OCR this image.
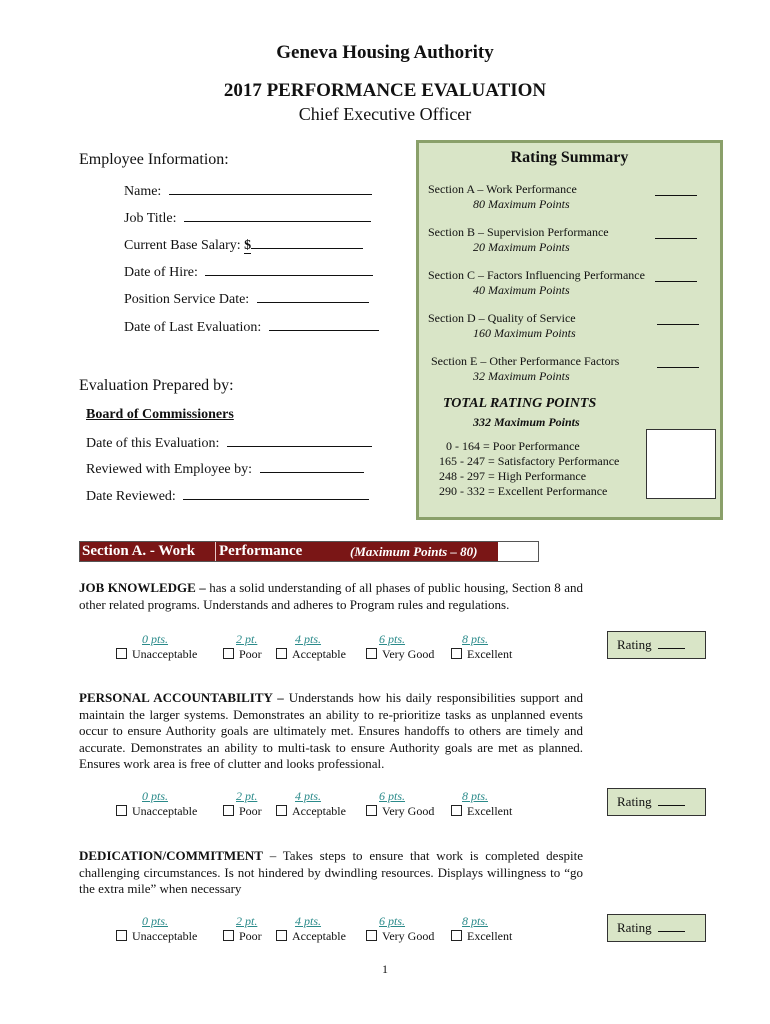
Geneva Housing Authority
2017 PERFORMANCE EVALUATION
Chief Executive Officer
Employee Information:
Name:
Job Title:
Current Base Salary: $
Date of Hire:
Position Service Date:
Date of Last Evaluation:
Evaluation Prepared by:
Board of Commissioners
Date of this Evaluation:
Reviewed with Employee by:
Date Reviewed:
Rating Summary
Section A – Work Performance
80 Maximum Points
Section B – Supervision Performance
20 Maximum Points
Section C – Factors Influencing Performance
40 Maximum Points
Section D – Quality of Service
160 Maximum Points
Section E – Other Performance Factors
32 Maximum Points
TOTAL RATING POINTS
332 Maximum Points
0 - 164 = Poor Performance
165 - 247 = Satisfactory Performance
248 - 297 = High Performance
290 - 332 = Excellent Performance
Section A. - Work Performance	(Maximum Points – 80)
JOB KNOWLEDGE – has a solid understanding of all phases of public housing, Section 8 and other related programs. Understands and adheres to Program rules and regulations.
PERSONAL ACCOUNTABILITY – Understands how his daily responsibilities support and maintain the larger systems. Demonstrates an ability to re-prioritize tasks as unplanned events occur to ensure Authority goals are ultimately met. Ensures handoffs to others are timely and accurate. Demonstrates an ability to multi-task to ensure Authority goals are met as planned. Ensures work area is free of clutter and looks professional.
DEDICATION/COMMITMENT – Takes steps to ensure that work is completed despite challenging circumstances. Is not hindered by dwindling resources. Displays willingness to “go the extra mile” when necessary
0 pts.
Unacceptable
2 pt.
Poor
4 pts.
Acceptable
6 pts.
Very Good
8 pts.
Excellent
0 pts.
Unacceptable
2 pt.
Poor
4 pts.
Acceptable
6 pts.
Very Good
8 pts.
Excellent
0 pts.
Unacceptable
2 pt.
Poor
4 pts.
Acceptable
6 pts.
Very Good
8 pts.
Excellent
Rating
Rating
Rating
1
